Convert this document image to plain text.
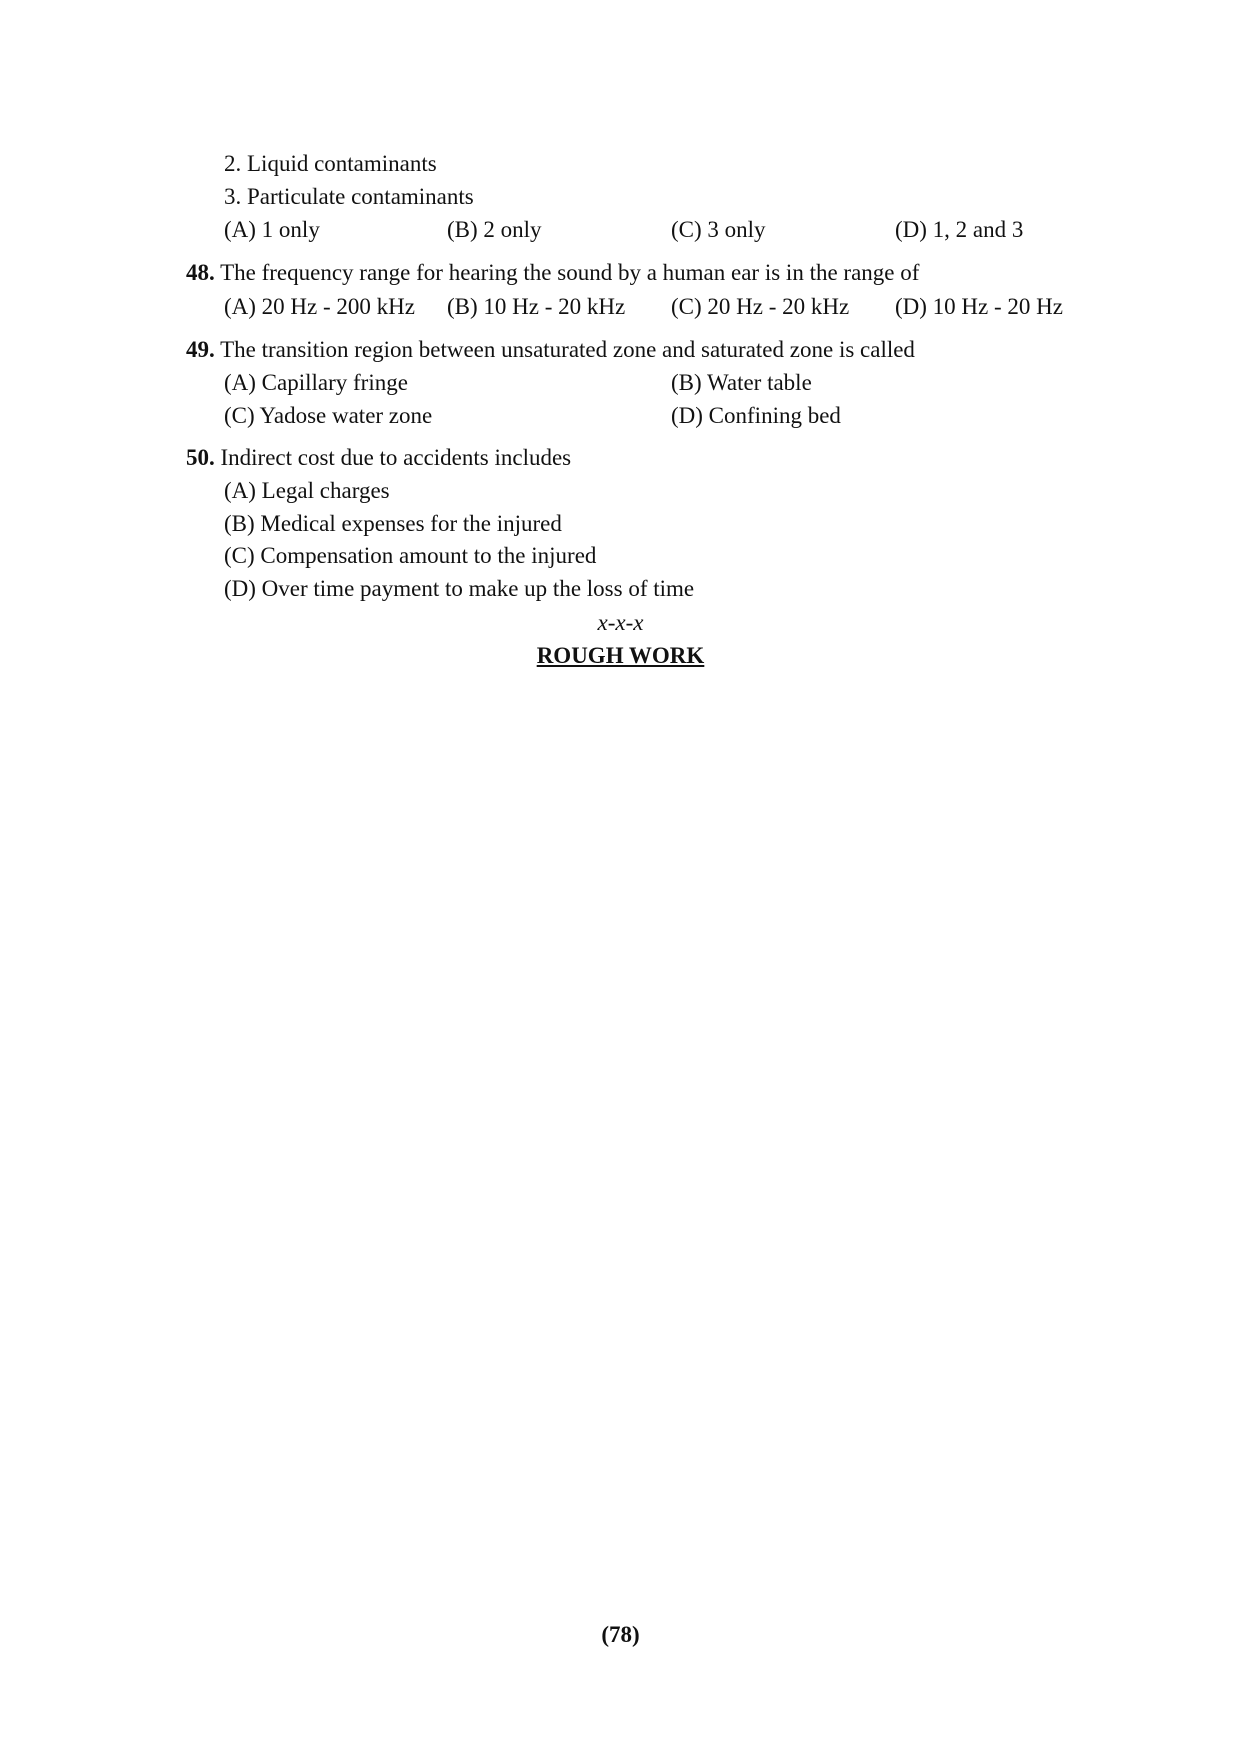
2. Liquid contaminants
3. Particulate contaminants
(A) 1 only	(B) 2 only	(C) 3 only	(D) 1, 2 and 3
48. The frequency range for hearing the sound by a human ear is in the range of
(A) 20 Hz - 200 kHz (B) 10 Hz - 20 kHz (C) 20 Hz - 20 kHz (D) 10 Hz - 20 Hz
49. The transition region between unsaturated zone and saturated zone is called
(A) Capillary fringe	(B) Water table
(C) Yadose water zone	(D) Confining bed
50. Indirect cost due to accidents includes
(A) Legal charges
(B) Medical expenses for the injured
(C) Compensation amount to the injured
(D) Over time payment to make up the loss of time
x-x-x
ROUGH WORK
(78)
